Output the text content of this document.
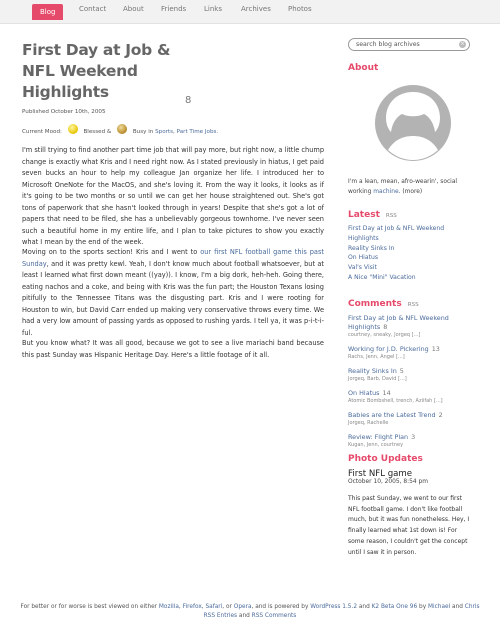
Blog	Contact About Friends	Links	Archives Photos
First Day at Job & NFL Weekend Highlights	8
Published October 10th, 2005
Current Mood:	Blessed &	Busy in Sports, Part Time Jobs.

I'm still trying to find another part time job that will pay more, but right now, a little chump change is exactly what Kris and I need right now. As I stated previously in hiatus, I get paid seven bucks an hour to help my colleague Jan organize her life. I introduced her to Microsoft OneNote for the MacOS, and she's loving it. From the way it looks, it looks as if it's going to be two months or so until we can get her house straightened out. She's got tons of paperwork that she hasn't looked through in years! Despite that she's got a lot of papers that need to be filed, she has a unbelievably gorgeous townhome. I've never seen such a beautiful home in my entire life, and I plan to take pictures to show you exactly what I mean by the end of the week.

Moving on to the sports section! Kris and I went to our first NFL football game this past Sunday, and it was pretty kewl. Yeah, I don't know much about football whatsoever, but at least I learned what first down meant ((yay)). I know, I'm a big dork, heh-heh. Going there, eating nachos and a coke, and being with Kris was the fun part; the Houston Texans losing pitifully to the Tennessee Titans was the disgusting part. Kris and I were rooting for Houston to win, but David Carr ended up making very conservative throws every time. We had a very low amount of passing yards as opposed to rushing yards. I tell ya, it was p-i-t-i-ful.

But you know what? It was all good, because we got to see a live mariachi band because this past Sunday was Hispanic Heritage Day. Here's a little footage of it all.

search blog archives	×
About
I'm a lean, mean, afro-wearin', social working machine. (more)
Latest RSS
First Day at Job & NFL Weekend Highlights
Reality Sinks In
On Hiatus
Val's Visit
A Nice "Mini" Vacation
Comments RSS
First Day at Job & NFL Weekend Highlights 8
courtney, sneaky, Jorgeq [...]
Working for J.D. Pickering 13
Rachs, Jenn, Angel [...]
Reality Sinks In 5
Jorgeq, Barb, David [...]
On Hiatus 14
Atomic Bombshell, trench, Aziifah [...]
Babies are the Latest Trend 2
Jorgeq, Rachelle
Review: Flight Plan 3
Kugan, Jenn, courtney
Photo Updates
First NFL game
October 10, 2005, 8:54 pm
This past Sunday, we went to our first NFL football game. I don't like football much, but it was fun nonetheless. Hey, I finally learned what 1st down is! For some reason, I couldn't get the concept until I saw it in person.
For better or for worse is best viewed on either Mozilla, Firefox, Safari, or Opera, and is powered by WordPress 1.5.2 and K2 Beta One 96 by Michael and Chris
RSS Entries and RSS Comments
